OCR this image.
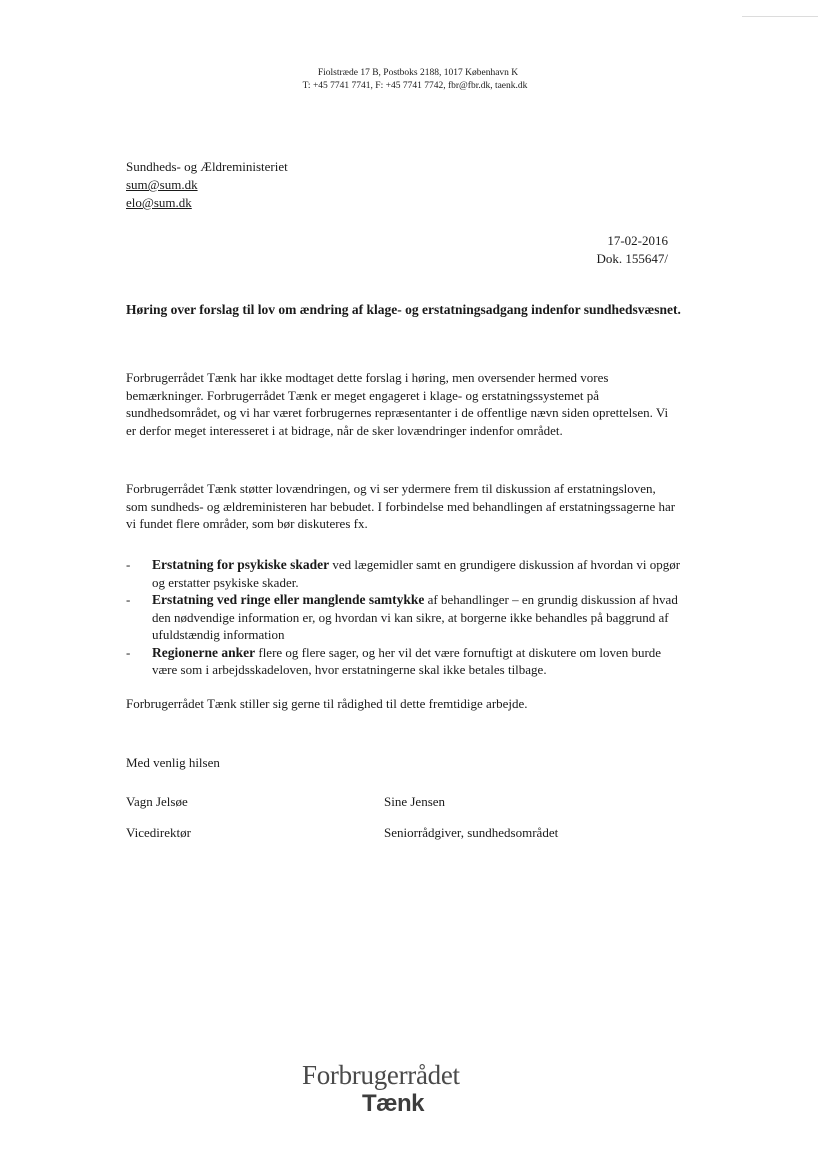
Fiolstræde 17 B, Postboks 2188, 1017 København K
T: +45 7741 7741, F: +45 7741 7742, fbr@fbr.dk, taenk.dk
Sundheds- og Ældreministeriet
sum@sum.dk
elo@sum.dk
17-02-2016
Dok. 155647/
Høring over forslag til lov om ændring af klage- og erstatningsadgang indenfor sundhedsvæsnet.
Forbrugerrådet Tænk har ikke modtaget dette forslag i høring, men oversender hermed vores bemærkninger. Forbrugerrådet Tænk er meget engageret i klage- og erstatningssystemet på sundhedsområdet, og vi har været forbrugernes repræsentanter i de offentlige nævn siden oprettelsen. Vi er derfor meget interesseret i at bidrage, når de sker lovændringer indenfor området.
Forbrugerrådet Tænk støtter lovændringen, og vi ser ydermere frem til diskussion af erstatningsloven, som sundheds- og ældreministeren har bebudet. I forbindelse med behandlingen af erstatningssagerne har vi fundet flere områder, som bør diskuteres fx.
-	Erstatning for psykiske skader ved lægemidler samt en grundigere diskussion af hvordan vi opgør og erstatter psykiske skader.
-	Erstatning ved ringe eller manglende samtykke af behandlinger – en grundig diskussion af hvad den nødvendige information er, og hvordan vi kan sikre, at borgerne ikke behandles på baggrund af ufuldstændig information
-	Regionerne anker flere og flere sager, og her vil det være fornuftigt at diskutere om loven burde være som i arbejdsskadeloven, hvor erstatningerne skal ikke betales tilbage.
Forbrugerrådet Tænk stiller sig gerne til rådighed til dette fremtidige arbejde.
Med venlig hilsen
Vagn Jelsøe	Sine Jensen
Vicedirektør	Seniorrådgiver, sundhedsområdet
Forbrugerrådet
Tænk
